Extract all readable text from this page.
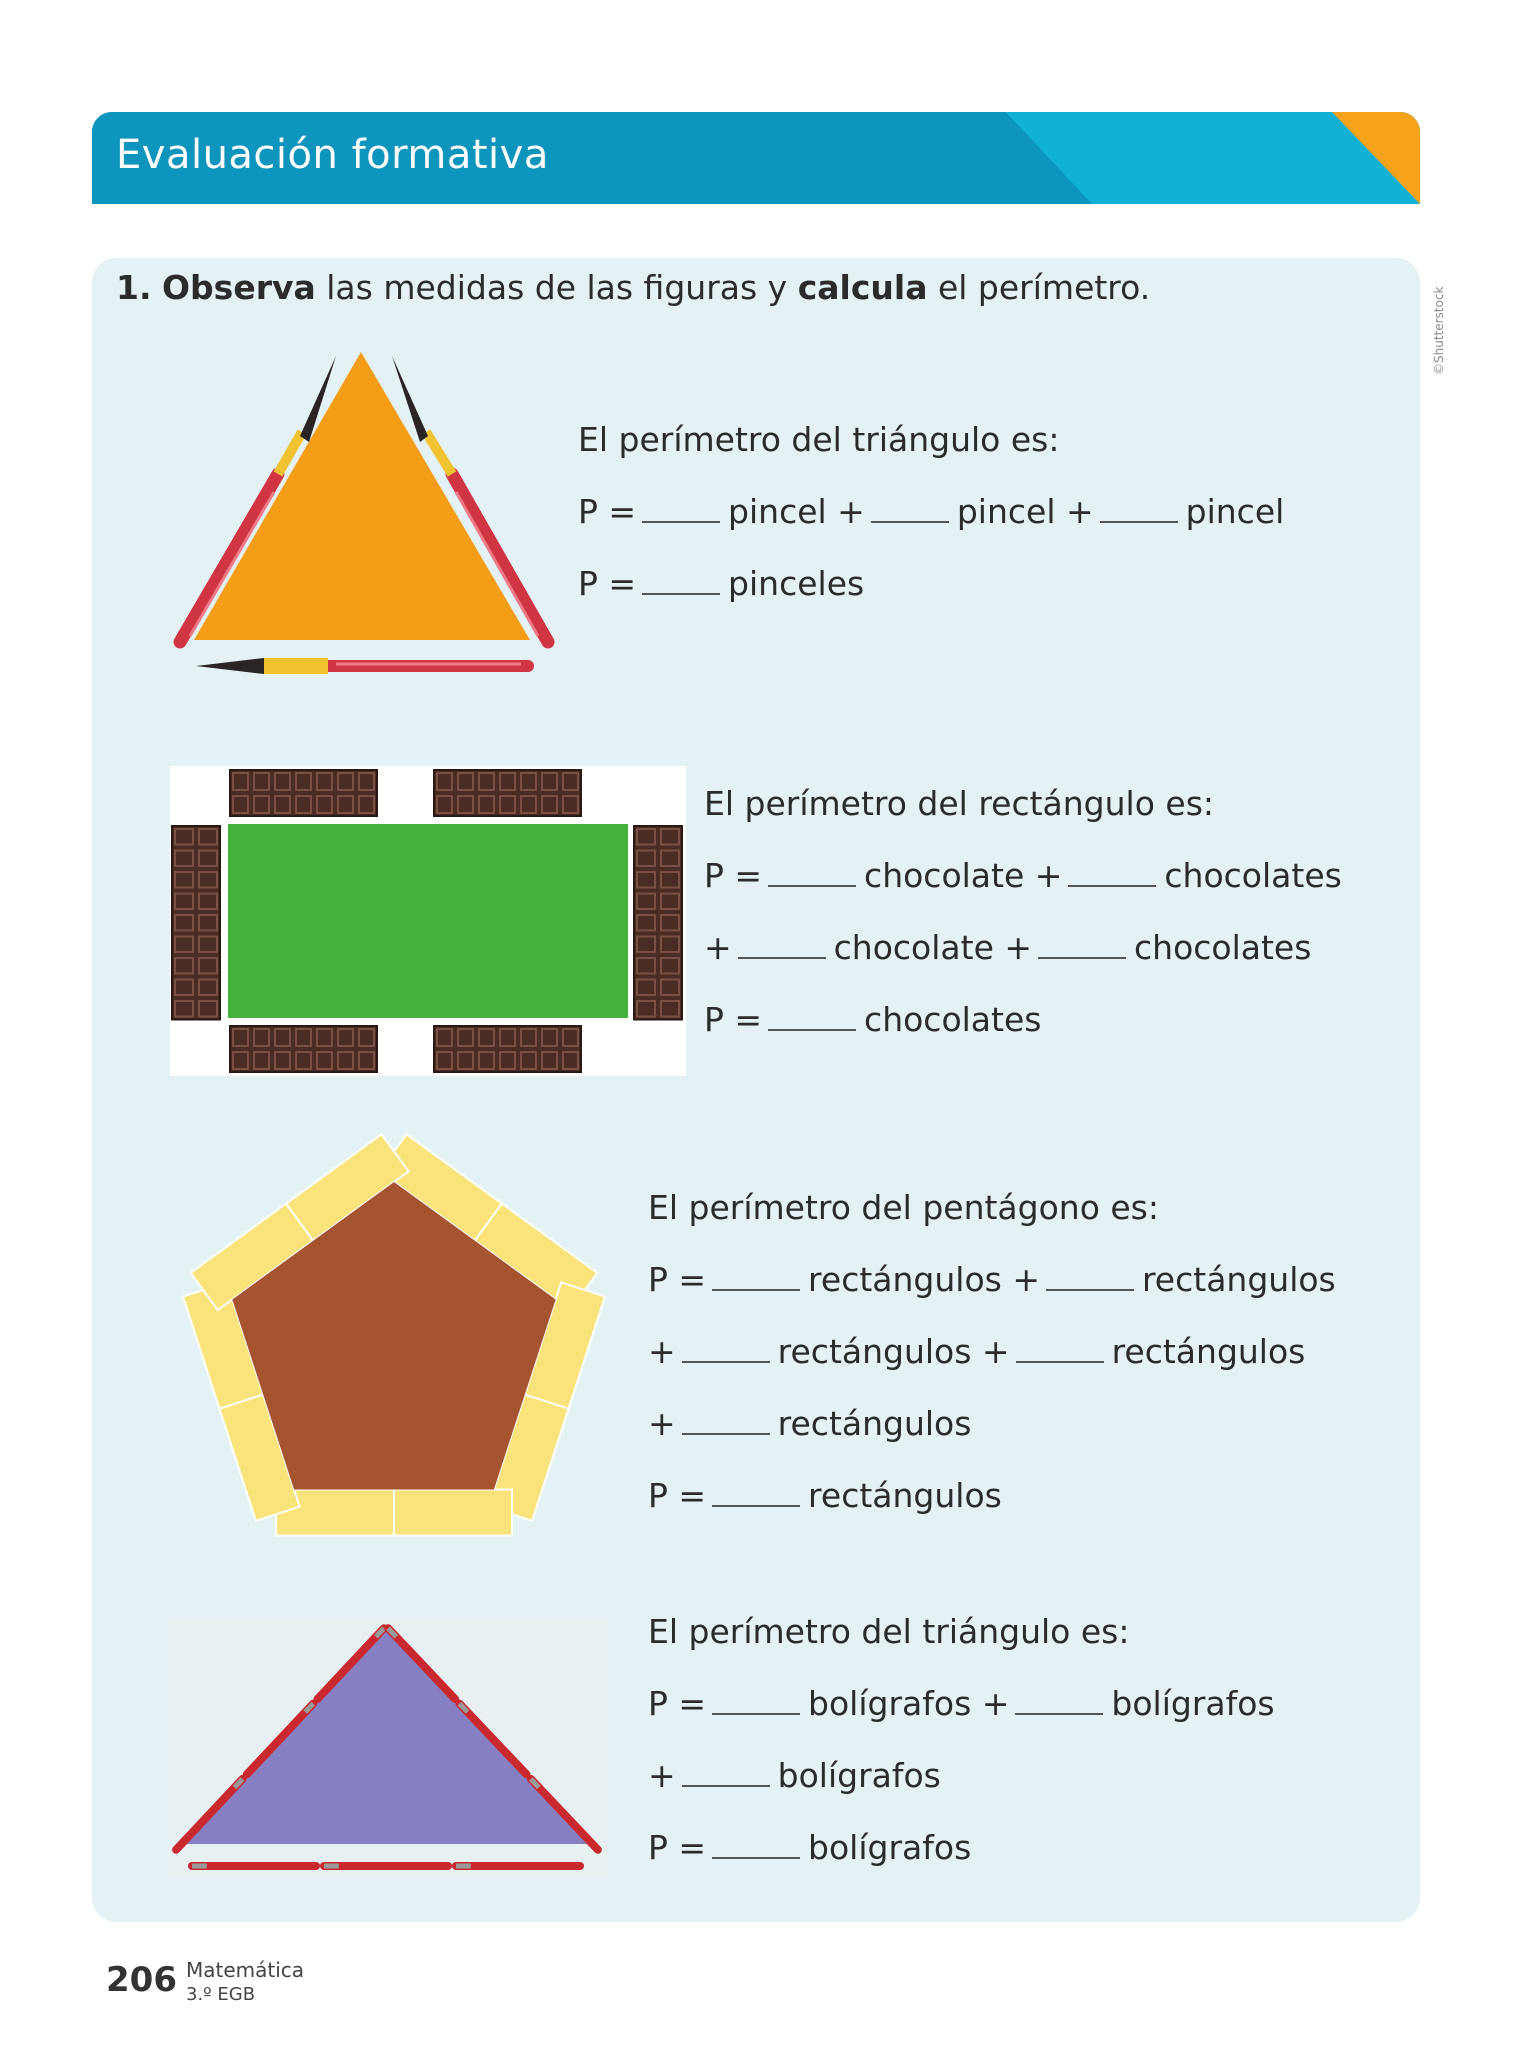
Evaluación formativa
DUA
Acción y expresión
1. Observa las medidas de las figuras y calcula el perímetro.	©Shutterstock
El perímetro del triángulo es:
P =	pincel +	pincel +	pincel
P =	pinceles
El perímetro del rectángulo es:
P =	chocolate +	chocolates
+	chocolate +	chocolates
P =	chocolates
El perímetro del pentágono es:
P =	rectángulos +	rectángulos
+	rectángulos +	rectángulos
+	rectángulos
P =	rectángulos
El perímetro del triángulo es:
P =	bolígrafos +	bolígrafos
+	bolígrafos
P =	bolígrafos
206 Matemática
3.º EGB
